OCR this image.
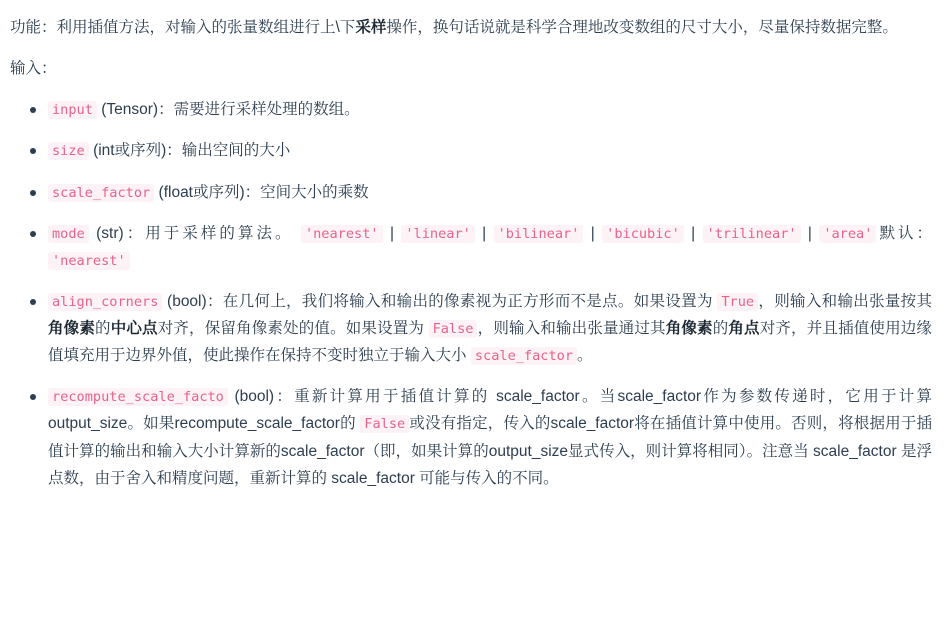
功能：利用插值方法，对输入的张量数组进行上\下采样操作，换句话说就是科学合理地改变数组的尺寸大小，尽量保持数据完整。

输入：

input (Tensor)：需要进行采样处理的数组。
size (int或序列)：输出空间的大小
scale_factor (float或序列)：空间大小的乘数
mode (str)：用于采样的算法。 'nearest' | 'linear' | 'bilinear' | 'bicubic' | 'trilinear' | 'area' 默认： 'nearest'
align_corners (bool)：在几何上，我们将输入和输出的像素视为正方形而不是点。如果设置为 True ，则输入和输出张量按其角像素的中心点对齐，保留角像素处的值。如果设置为 False ，则输入和输出张量通过其角像素的角点对齐，并且插值使用边缘值填充用于边界外值，使此操作在保持不变时独立于输入大小 scale_factor 。
recompute_scale_facto (bool)：重新计算用于插值计算的 scale_factor。当scale_factor作为参数传递时，它用于计算output_size。如果recompute_scale_factor的 False 或没有指定，传入的scale_factor将在插值计算中使用。否则，将根据用于插值计算的输出和输入大小计算新的scale_factor（即，如果计算的output_size显式传入，则计算将相同）。注意当 scale_factor 是浮点数，由于舍入和精度问题，重新计算的 scale_factor 可能与传入的不同。
